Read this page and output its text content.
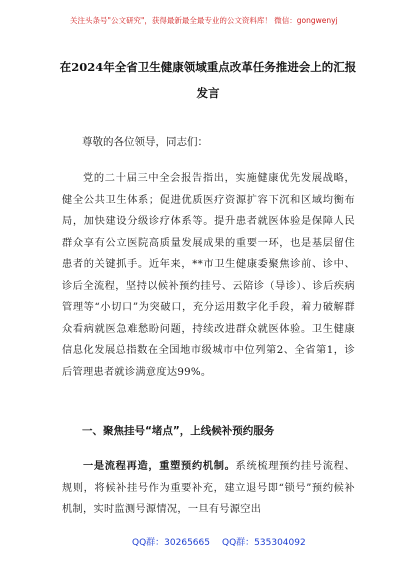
关注头条号"公文研究"，获得最新最全最专业的公文资料库！ 微信：gongwenyj
在2024年全省卫生健康领域重点改革任务推进会上的汇报发言
尊敬的各位领导，同志们：
党的二十届三中全会报告指出，实施健康优先发展战略，健全公共卫生体系；促进优质医疗资源扩容下沉和区域均衡布局，加快建设分级诊疗体系等。提升患者就医体验是保障人民群众享有公立医院高质量发展成果的重要一环，也是基层留住患者的关键抓手。近年来，**市卫生健康委聚焦诊前、诊中、诊后全流程，坚持以候补预约挂号、云陪诊（导诊）、诊后疾病管理等“小切口”为突破口，充分运用数字化手段，着力破解群众看病就医急难愁盼问题，持续改进群众就医体验。卫生健康信息化发展总指数在全国地市级城市中位列第2、全省第1，诊后管理患者就诊满意度达99%。
一、聚焦挂号“堵点”，上线候补预约服务
一是流程再造，重塑预约机制。系统梳理预约挂号流程、规则，将候补挂号作为重要补充，建立退号即“锁号”预约候补机制，实时监测号源情况，一旦有号源空出
QQ群：30265665 QQ群：535304092
